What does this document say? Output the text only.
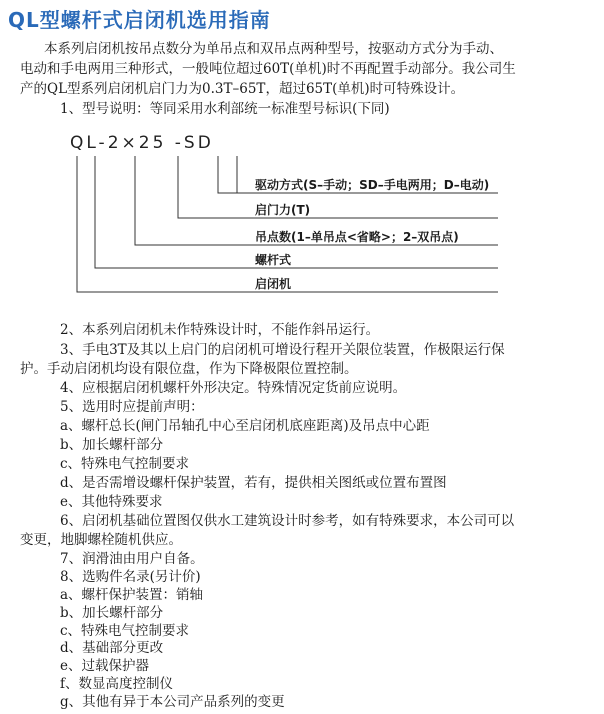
QL型螺杆式启闭机选用指南
本系列启闭机按吊点数分为单吊点和双吊点两种型号，按驱动方式分为手动、
电动和手电两用三种形式，一般吨位超过60T(单机)时不再配置手动部分。我公司生
产的QL型系列启闭机启门力为0.3T–65T，超过65T(单机)时可特殊设计。
1、型号说明：等同采用水利部统一标准型号标识(下同)
QL-2×25 -SD
驱动方式(S–手动；SD–手电两用；D–电动)
启门力(T)
吊点数(1–单吊点<省略>；2–双吊点)
螺杆式
启闭机
2、本系列启闭机未作特殊设计时，不能作斜吊运行。
3、手电3T及其以上启门的启闭机可增设行程开关限位装置，作极限运行保
护。手动启闭机均设有限位盘，作为下降极限位置控制。
4、应根据启闭机螺杆外形决定。特殊情况定货前应说明。
5、选用时应提前声明：
a、螺杆总长(闸门吊轴孔中心至启闭机底座距离)及吊点中心距
b、加长螺杆部分
c、特殊电气控制要求
d、是否需增设螺杆保护装置，若有，提供相关图纸或位置布置图
e、其他特殊要求
6、启闭机基础位置图仅供水工建筑设计时参考，如有特殊要求，本公司可以
变更，地脚螺栓随机供应。
7、润滑油由用户自备。
8、选购件名录(另计价)
a、螺杆保护装置：销轴
b、加长螺杆部分
c、特殊电气控制要求
d、基础部分更改
e、过载保护器
f、数显高度控制仪
g、其他有异于本公司产品系列的变更
